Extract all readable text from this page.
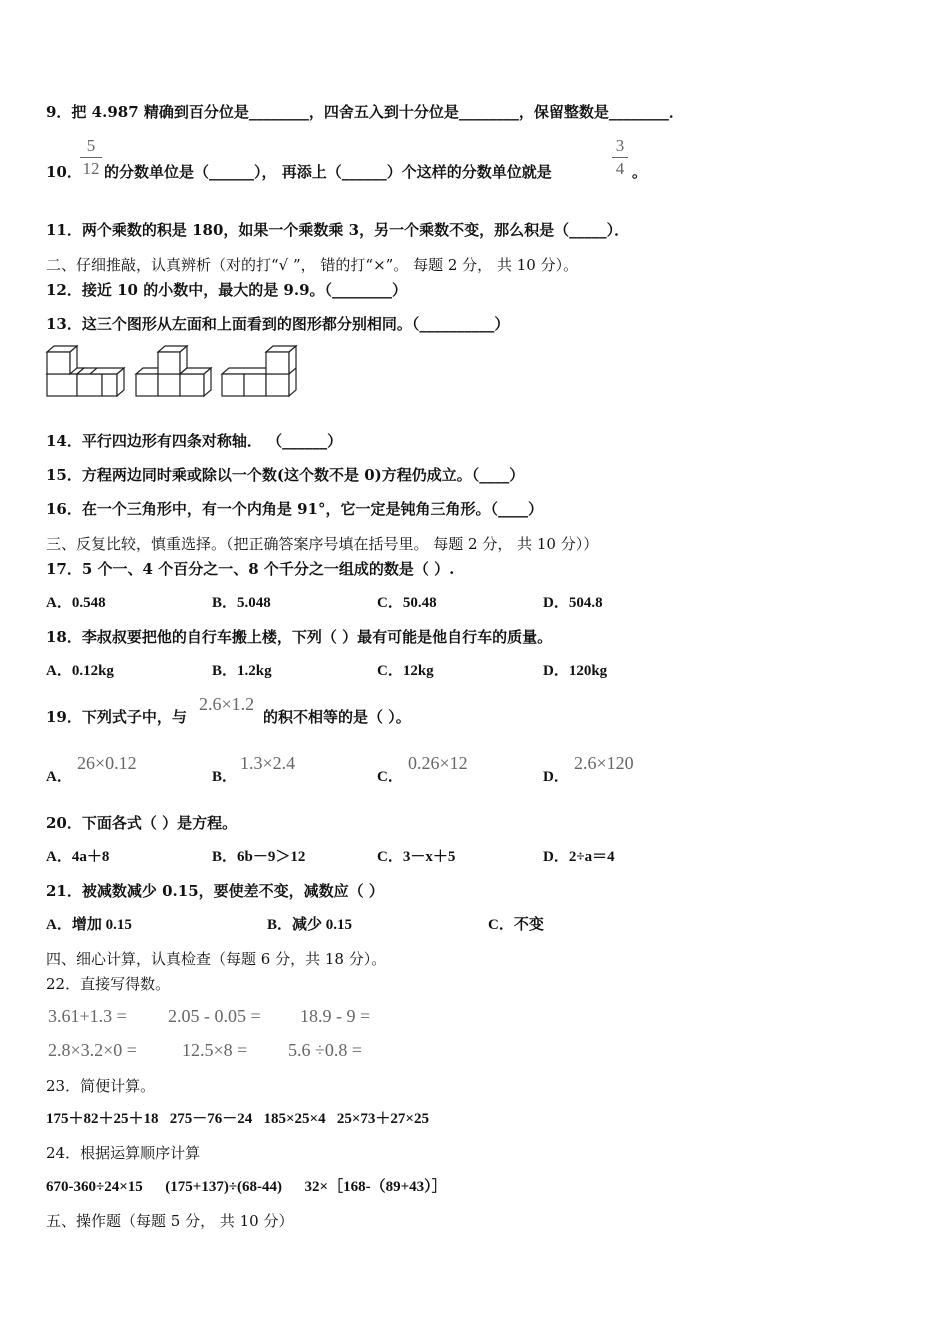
9．把 4.987 精确到百分位是________，四舍五入到十分位是________，保留整数是________．
10．
5
12 的分数单位是（______）， 再添上（______）个这样的分数单位就是
3
4 。
11．两个乘数的积是 180，如果一个乘数乘 3，另一个乘数不变，那么积是（_____）．
二、仔细推敲，认真辨析（对的打“√ ”， 错的打“×”。 每题 2 分， 共 10 分）。
12．接近 10 的小数中，最大的是 9.9。（________）
13．这三个图形从左面和上面看到的图形都分别相同。（__________）
14．平行四边形有四条对称轴． （______）
15．方程两边同时乘或除以一个数(这个数不是 0)方程仍成立。（____）
16．在一个三角形中，有一个内角是 91°，它一定是钝角三角形。（____）
三、反复比较，慎重选择。（把正确答案序号填在括号里。 每题 2 分， 共 10 分））
17．5 个一、4 个百分之一、8 个千分之一组成的数是（ ）.
A．0.548	B．5.048	C．50.48	D．504.8
18．李叔叔要把他的自行车搬上楼，下列（ ）最有可能是他自行车的质量。
A．0.12kg	B．1.2kg	C．12kg	D．120kg
19．下列式子中，与
2.6×1.2
的积不相等的是（ ）。
A．
26×0.12
B．
1.3×2.4
C．
0.26×12
D．
2.6×120
20．下面各式（ ）是方程。
A．4a＋8	B．6b－9＞12	C．3－x＋5	D．2÷a＝4
21．被减数减少 0.15，要使差不变，减数应（ ）
A．增加 0.15	B．减少 0.15	C．不变
四、细心计算，认真检查（每题 6 分，共 18 分）。
22．直接写得数。
3.61+1.3 = 2.05 - 0.05 = 18.9 - 9 =
2.8×3.2×0 =	12.5×8 = 5.6 ÷0.8 =
23．简便计算。
175＋82＋25＋18   275－76－24   185×25×4   25×73＋27×25
24．根据运算顺序计算
670-360÷24×15      (175+137)÷(68-44)      32×［168-（89+43）］
五、操作题（每题 5 分， 共 10 分）
